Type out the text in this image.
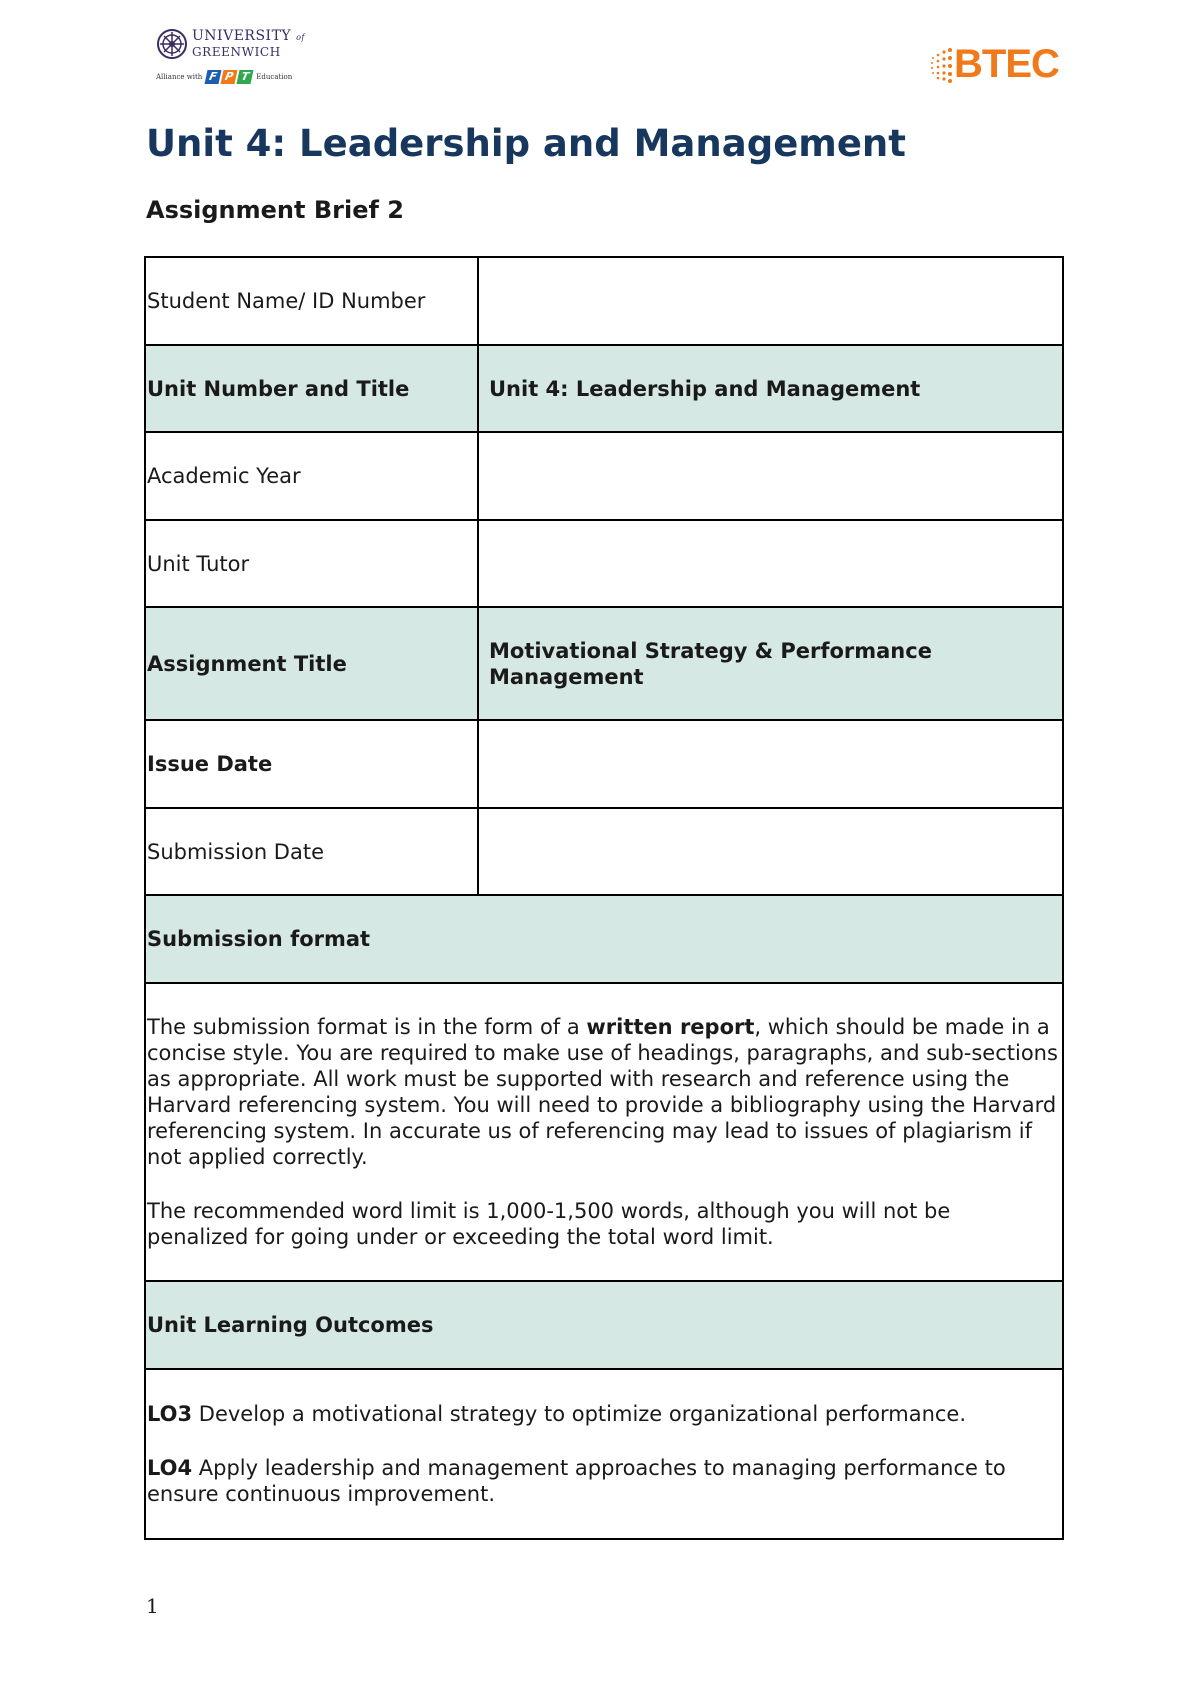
UNIVERSITY of
GREENWICH
Alliance with F P T Education	BTEC
Unit 4: Leadership and Management
Assignment Brief 2
Student Name/ ID Number	
Unit Number and Title	Unit 4: Leadership and Management
Academic Year	
Unit Tutor	
Assignment Title	Motivational Strategy & Performance Management
Issue Date	
Submission Date	
Submission format	

The submission format is in the form of a written report, which should be made in a concise style. You are required to make use of headings, paragraphs, and sub-sections as appropriate. All work must be supported with research and reference using the Harvard referencing system. You will need to provide a bibliography using the Harvard referencing system. In accurate us of referencing may lead to issues of plagiarism if not applied correctly.

The recommended word limit is 1,000-1,500 words, although you will not be penalized for going under or exceeding the total word limit.	

Unit Learning Outcomes	

LO3 Develop a motivational strategy to optimize organizational performance.

LO4 Apply leadership and management approaches to managing performance to ensure continuous improvement.	

1
